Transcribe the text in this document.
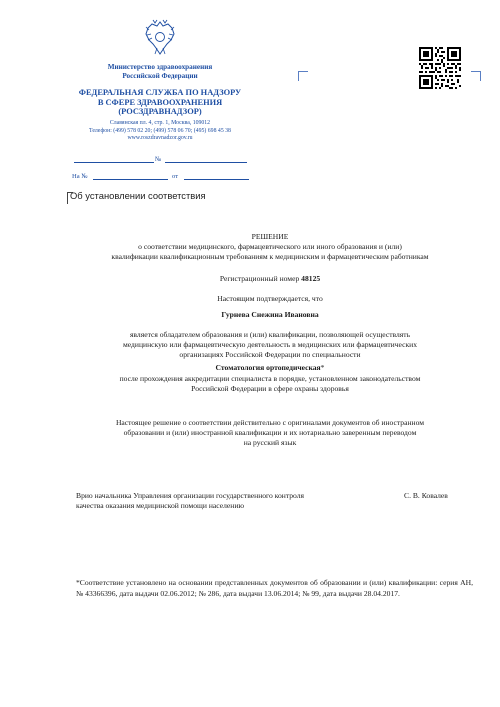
Министерство здравоохранения
Российской Федерации
ФЕДЕРАЛЬНАЯ СЛУЖБА ПО НАДЗОРУ
В СФЕРЕ ЗДРАВООХРАНЕНИЯ
(РОСЗДРАВНАДЗОР)
Славянская пл. 4, стр. 1, Москва, 109012
Телефон: (499) 578 02 20; (499) 578 06 70; (495) 698 45 38
www.roszdravnadzor.gov.ru
№
На №	от
Об установлении соответствия
РЕШЕНИЕ
о соответствии медицинского, фармацевтического или иного образования и (или)
квалификации квалификационным требованиям к медицинским и фармацевтическим работникам
Регистрационный номер 48125
Настоящим подтверждается, что
Гурнева Снежина Ивановна
является обладателем образования и (или) квалификации, позволяющей осуществлять
медицинскую или фармацевтическую деятельность в медицинских или фармацевтических
организациях Российской Федерации по специальности
Стоматология ортопедическая*
после прохождения аккредитации специалиста в порядке, установленном законодательством
Российской Федерации в сфере охраны здоровья
Настоящее решение о соответствии действительно с оригиналами документов об иностранном
образовании и (или) иностранной квалификации и их нотариально заверенным переводом
на русский язык
Врио начальника Управления организации государственного контроля
качества оказания медицинской помощи населению
С. В. Ковалев
*Соответствие установлено на основании представленных документов об образовании и (или) квалификации: серия АН, № 43366396, дата выдачи 02.06.2012; № 286, дата выдачи 13.06.2014; № 99, дата выдачи 28.04.2017.
